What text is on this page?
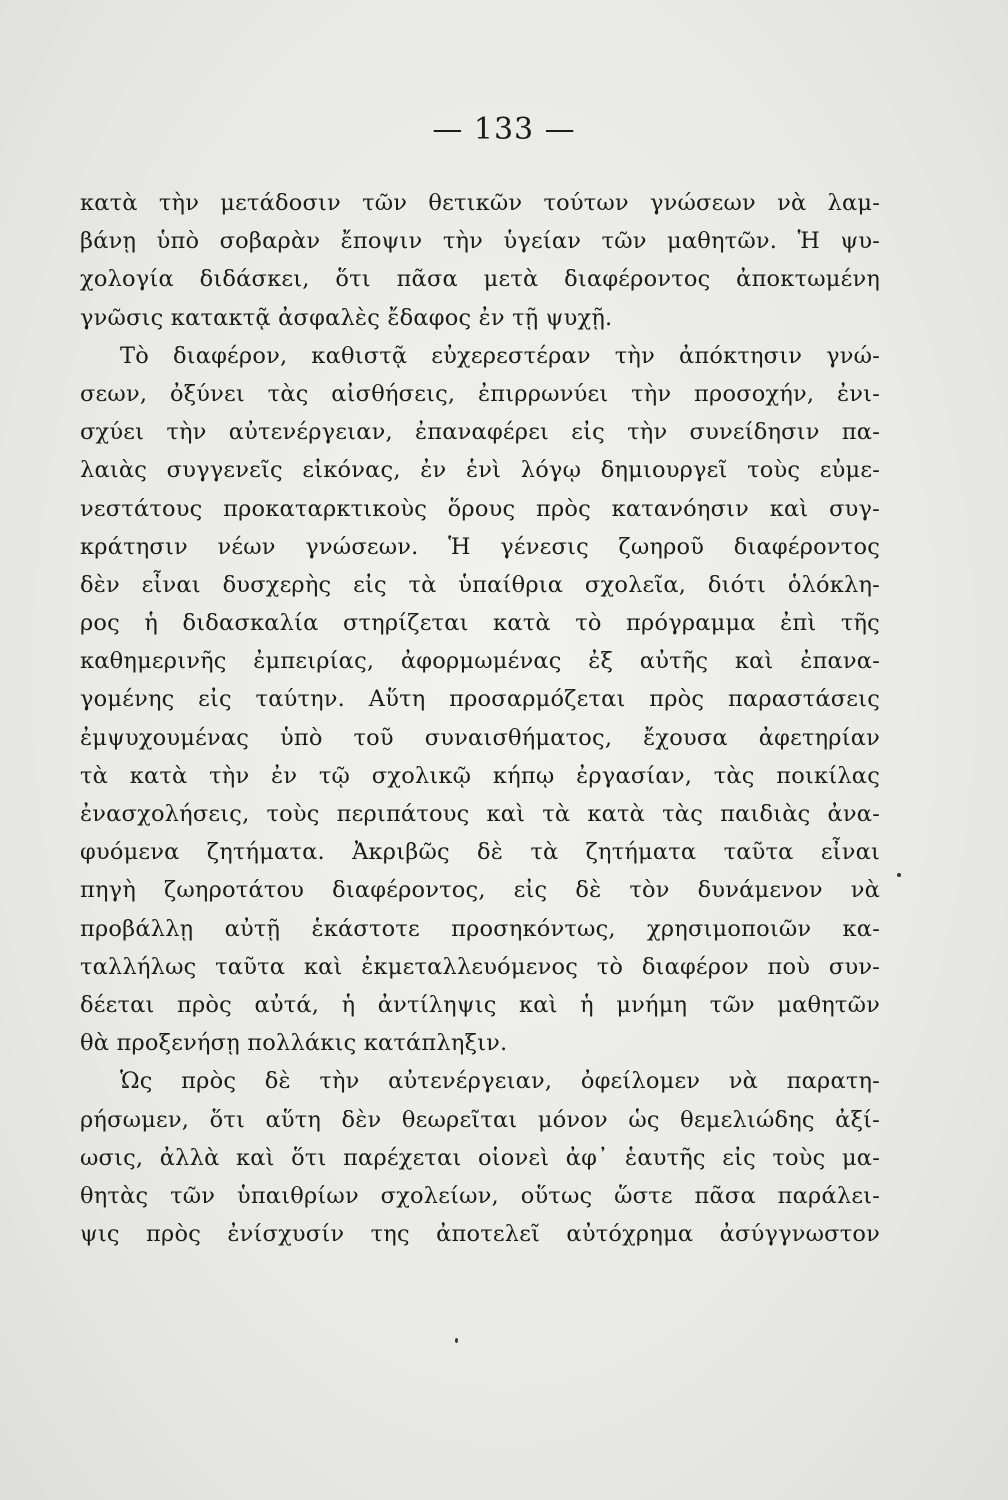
— 133 —
κατὰ τὴν μετάδοσιν τῶν θετικῶν τούτων γνώσεων νὰ λαμ-
βάνῃ ὑπὸ σοβαρὰν ἔποψιν τὴν ὑγείαν τῶν μαθητῶν. Ἡ ψυ-
χολογία διδάσκει, ὅτι πᾶσα μετὰ διαφέροντος ἀποκτωμένη
γνῶσις κατακτᾷ ἀσφαλὲς ἔδαφος ἐν τῇ ψυχῇ.
Τὸ διαφέρον, καθιστᾷ εὐχερεστέραν τὴν ἀπόκτησιν γνώ-
σεων, ὀξύνει τὰς αἰσθήσεις, ἐπιρρωνύει τὴν προσοχήν, ἐνι-
σχύει τὴν αὐτενέργειαν, ἐπαναφέρει εἰς τὴν συνείδησιν πα-
λαιὰς συγγενεῖς εἰκόνας, ἐν ἑνὶ λόγῳ δημιουργεῖ τοὺς εὐμε-
νεστάτους προκαταρκτικοὺς ὅρους πρὸς κατανόησιν καὶ συγ-
κράτησιν νέων γνώσεων. Ἡ γένεσις ζωηροῦ διαφέροντος
δὲν εἶναι δυσχερὴς εἰς τὰ ὑπαίθρια σχολεῖα, διότι ὁλόκλη-
ρος ἡ διδασκαλία στηρίζεται κατὰ τὸ πρόγραμμα ἐπὶ τῆς
καθημερινῆς ἐμπειρίας, ἀφορμωμένας ἐξ αὐτῆς καὶ ἐπανα-
γομένης εἰς ταύτην. Αὕτη προσαρμόζεται πρὸς παραστάσεις
ἐμψυχουμένας ὑπὸ τοῦ συναισθήματος, ἔχουσα ἀφετηρίαν
τὰ κατὰ τὴν ἐν τῷ σχολικῷ κήπῳ ἐργασίαν, τὰς ποικίλας
ἐνασχολήσεις, τοὺς περιπάτους καὶ τὰ κατὰ τὰς παιδιὰς ἀνα-
φυόμενα ζητήματα. Ἀκριβῶς δὲ τὰ ζητήματα ταῦτα εἶναι
πηγὴ ζωηροτάτου διαφέροντος, εἰς δὲ τὸν δυνάμενον νὰ
προβάλλῃ αὐτῇ ἑκάστοτε προσηκόντως, χρησιμοποιῶν κα-
ταλλήλως ταῦτα καὶ ἐκμεταλλευόμενος τὸ διαφέρον ποὺ συν-
δέεται πρὸς αὐτά, ἡ ἀντίληψις καὶ ἡ μνήμη τῶν μαθητῶν
θὰ προξενήσῃ πολλάκις κατάπληξιν.
Ὡς πρὸς δὲ τὴν αὐτενέργειαν, ὀφείλομεν νὰ παρατη-
ρήσωμεν, ὅτι αὕτη δὲν θεωρεῖται μόνον ὡς θεμελιώδης ἀξί-
ωσις, ἀλλὰ καὶ ὅτι παρέχεται οἱονεὶ ἀφ᾽ ἑαυτῆς εἰς τοὺς μα-
θητὰς τῶν ὑπαιθρίων σχολείων, οὕτως ὥστε πᾶσα παράλει-
ψις πρὸς ἐνίσχυσίν της ἀποτελεῖ αὐτόχρημα ἀσύγγνωστον
